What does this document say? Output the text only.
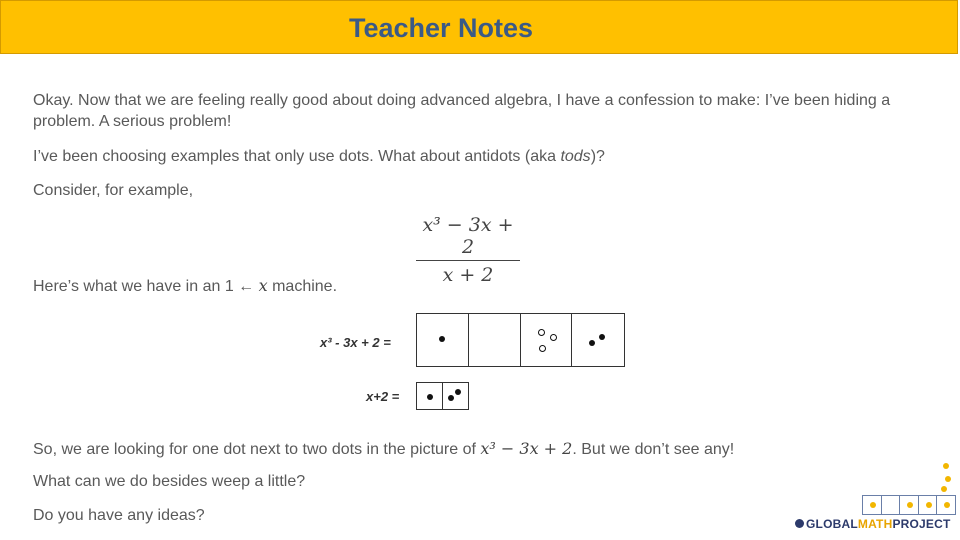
Teacher Notes
Okay. Now that we are feeling really good about doing advanced algebra, I have a confession to make: I’ve been hiding a problem. A serious problem!
I’ve been choosing examples that only use dots. What about antidots (aka tods)?
Consider, for example,
$\frac{\text{x³ − 3x + 2}}{x + 2}$
Here’s what we have in an 1 ← x machine.
x³ - 3x + 2 =
x+2 =
So, we are looking for one dot next to two dots in the picture of x³ − 3x + 2. But we don’t see any!
What can we do besides weep a little?
Do you have any ideas?	GLOBALMATHPROJECT
